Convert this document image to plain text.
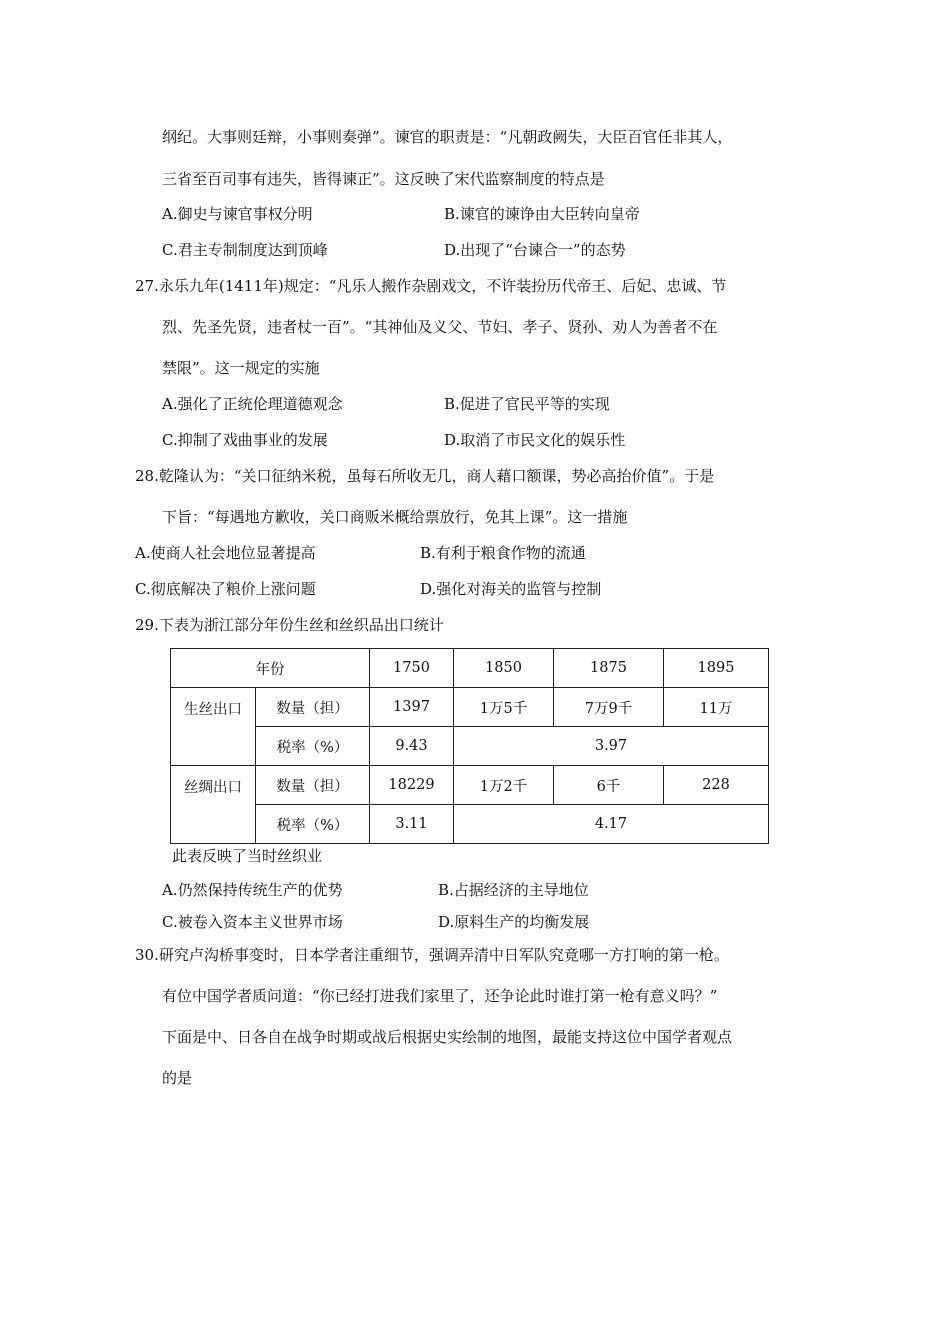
纲纪。大事则廷辩，小事则奏弹”。谏官的职责是：“凡朝政阙失，大臣百官任非其人，
三省至百司事有违失，皆得谏正”。这反映了宋代监察制度的特点是
A.御史与谏官事权分明	B.谏官的谏诤由大臣转向皇帝
C.君主专制制度达到顶峰	D.出现了“台谏合一”的态势
27.永乐九年(1411年)规定：“凡乐人搬作杂剧戏文，不许装扮历代帝王、后妃、忠诚、节
烈、先圣先贤，违者杖一百”。“其神仙及义父、节妇、孝子、贤孙、劝人为善者不在
禁限”。这一规定的实施
A.强化了正统伦理道德观念	B.促进了官民平等的实现
C.抑制了戏曲事业的发展	D.取消了市民文化的娱乐性
28.乾隆认为：“关口征纳米税，虽每石所收无几，商人藉口额课，势必高抬价值”。于是
下旨：“每遇地方歉收，关口商贩米概给票放行，免其上课”。这一措施
A.使商人社会地位显著提高	B.有利于粮食作物的流通
C.彻底解决了粮价上涨问题	D.强化对海关的监管与控制
29.下表为浙江部分年份生丝和丝织品出口统计
年份		1750	1850	1875	1895
生丝出口	数量（担）	1397	1万5千	7万9千	11万
	税率（%）	9.43	3.97		
丝绸出口	数量（担）	18229	1万2千	6千	228
	税率（%）	3.11	4.17		
此表反映了当时丝织业
A.仍然保持传统生产的优势	B.占据经济的主导地位
C.被卷入资本主义世界市场	D.原料生产的均衡发展
30.研究卢沟桥事变时，日本学者注重细节，强调弄清中日军队究竟哪一方打响的第一枪。
有位中国学者质问道：“你已经打进我们家里了，还争论此时谁打第一枪有意义吗？”
下面是中、日各自在战争时期或战后根据史实绘制的地图，最能支持这位中国学者观点
的是
